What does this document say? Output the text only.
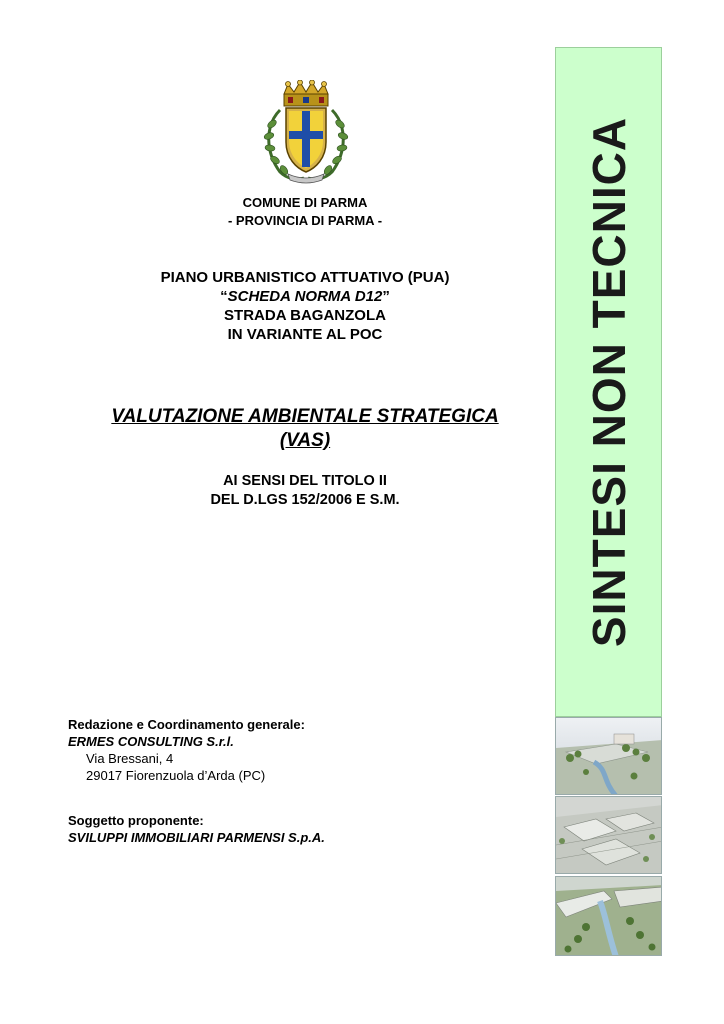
COMUNE DI PARMA
- PROVINCIA DI PARMA -
PIANO URBANISTICO ATTUATIVO (PUA)
“SCHEDA NORMA D12”
STRADA BAGANZOLA
IN VARIANTE AL POC
VALUTAZIONE AMBIENTALE STRATEGICA
(VAS)
AI SENSI DEL TITOLO II
DEL D.LGS 152/2006 E S.M.
Redazione e Coordinamento generale:
ERMES CONSULTING S.r.l.
Via Bressani, 4
29017 Fiorenzuola d’Arda (PC)
Soggetto proponente:
SVILUPPI IMMOBILIARI PARMENSI S.p.A.
SINTESI NON TECNICA
